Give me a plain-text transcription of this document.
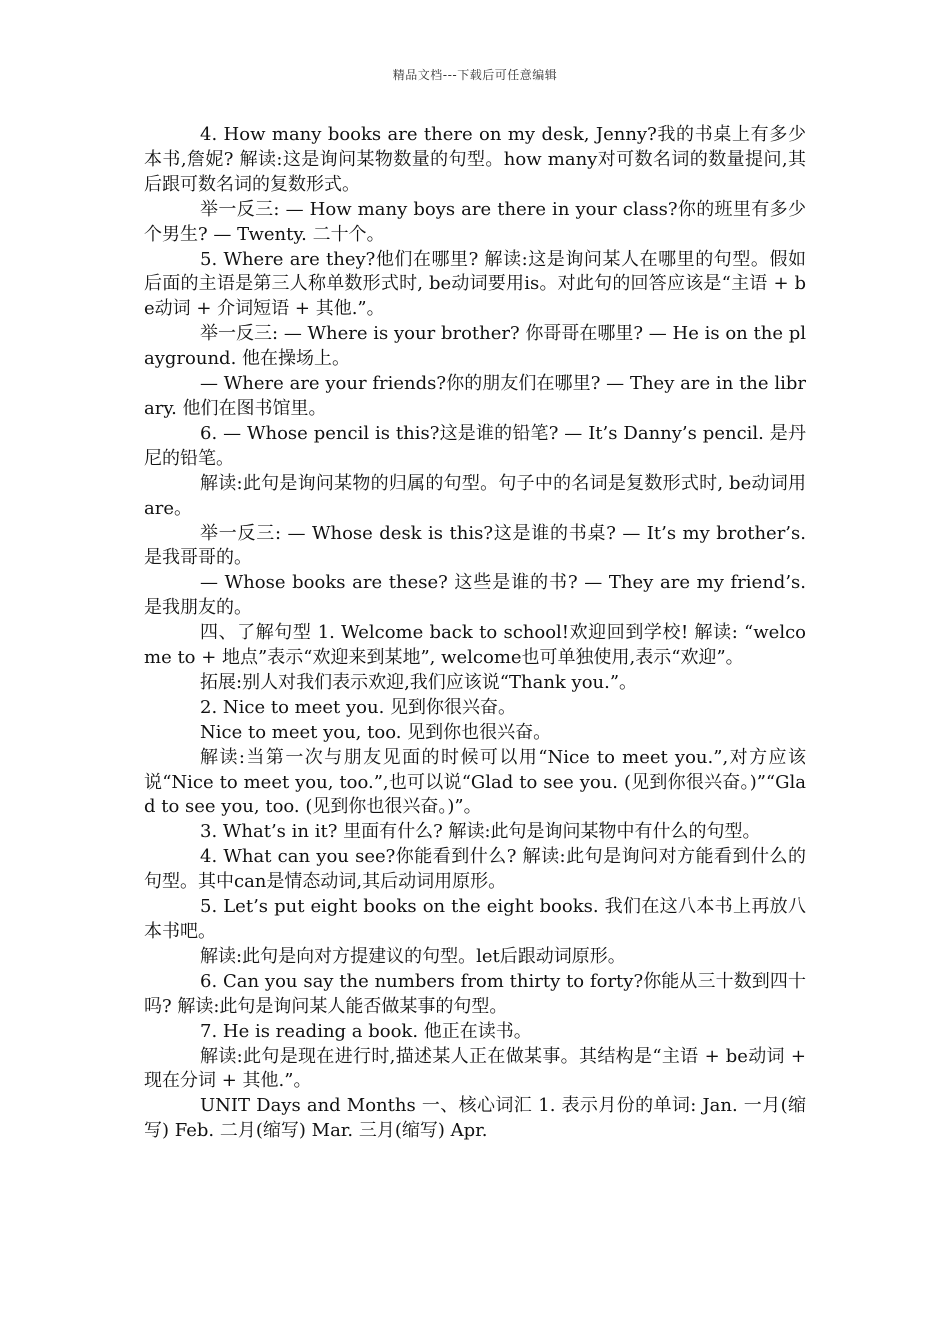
精品文档---下载后可任意编辑

4. How many books are there on my desk, Jenny?我的书桌上有多少本书,詹妮? 解读:这是询问某物数量的句型。how many对可数名词的数量提问,其后跟可数名词的复数形式。

举一反三: — How many boys are there in your class?你的班里有多少个男生? — Twenty. 二十个。

5. Where are they?他们在哪里? 解读:这是询问某人在哪里的句型。假如后面的主语是第三人称单数形式时, be动词要用is。对此句的回答应该是“主语 + be动词 + 介词短语 + 其他.”。

举一反三: — Where is your brother? 你哥哥在哪里? — He is on the playground. 他在操场上。

— Where are your friends?你的朋友们在哪里? — They are in the library. 他们在图书馆里。

6. — Whose pencil is this?这是谁的铅笔? — It’s Danny’s pencil. 是丹尼的铅笔。

解读:此句是询问某物的归属的句型。句子中的名词是复数形式时, be动词用are。

举一反三: — Whose desk is this?这是谁的书桌? — It’s my brother’s. 是我哥哥的。

— Whose books are these? 这些是谁的书? — They are my friend’s. 是我朋友的。

四、了解句型 1. Welcome back to school!欢迎回到学校! 解读: “welcome to + 地点”表示“欢迎来到某地”, welcome也可单独使用,表示“欢迎”。

拓展:别人对我们表示欢迎,我们应该说“Thank you.”。

2. Nice to meet you. 见到你很兴奋。

Nice to meet you, too. 见到你也很兴奋。

解读:当第一次与朋友见面的时候可以用“Nice to meet you.”,对方应该说“Nice to meet you, too.”,也可以说“Glad to see you. (见到你很兴奋。)”“Glad to see you, too. (见到你也很兴奋。)”。

3. What’s in it? 里面有什么? 解读:此句是询问某物中有什么的句型。

4. What can you see?你能看到什么? 解读:此句是询问对方能看到什么的句型。其中can是情态动词,其后动词用原形。

5. Let’s put eight books on the eight books. 我们在这八本书上再放八本书吧。

解读:此句是向对方提建议的句型。let后跟动词原形。

6. Can you say the numbers from thirty to forty?你能从三十数到四十吗? 解读:此句是询问某人能否做某事的句型。

7. He is reading a book. 他正在读书。

解读:此句是现在进行时,描述某人正在做某事。其结构是“主语 + be动词 + 现在分词 + 其他.”。

UNIT Days and Months 一、核心词汇 1. 表示月份的单词: Jan. 一月(缩写) Feb. 二月(缩写) Mar. 三月(缩写) Apr.
